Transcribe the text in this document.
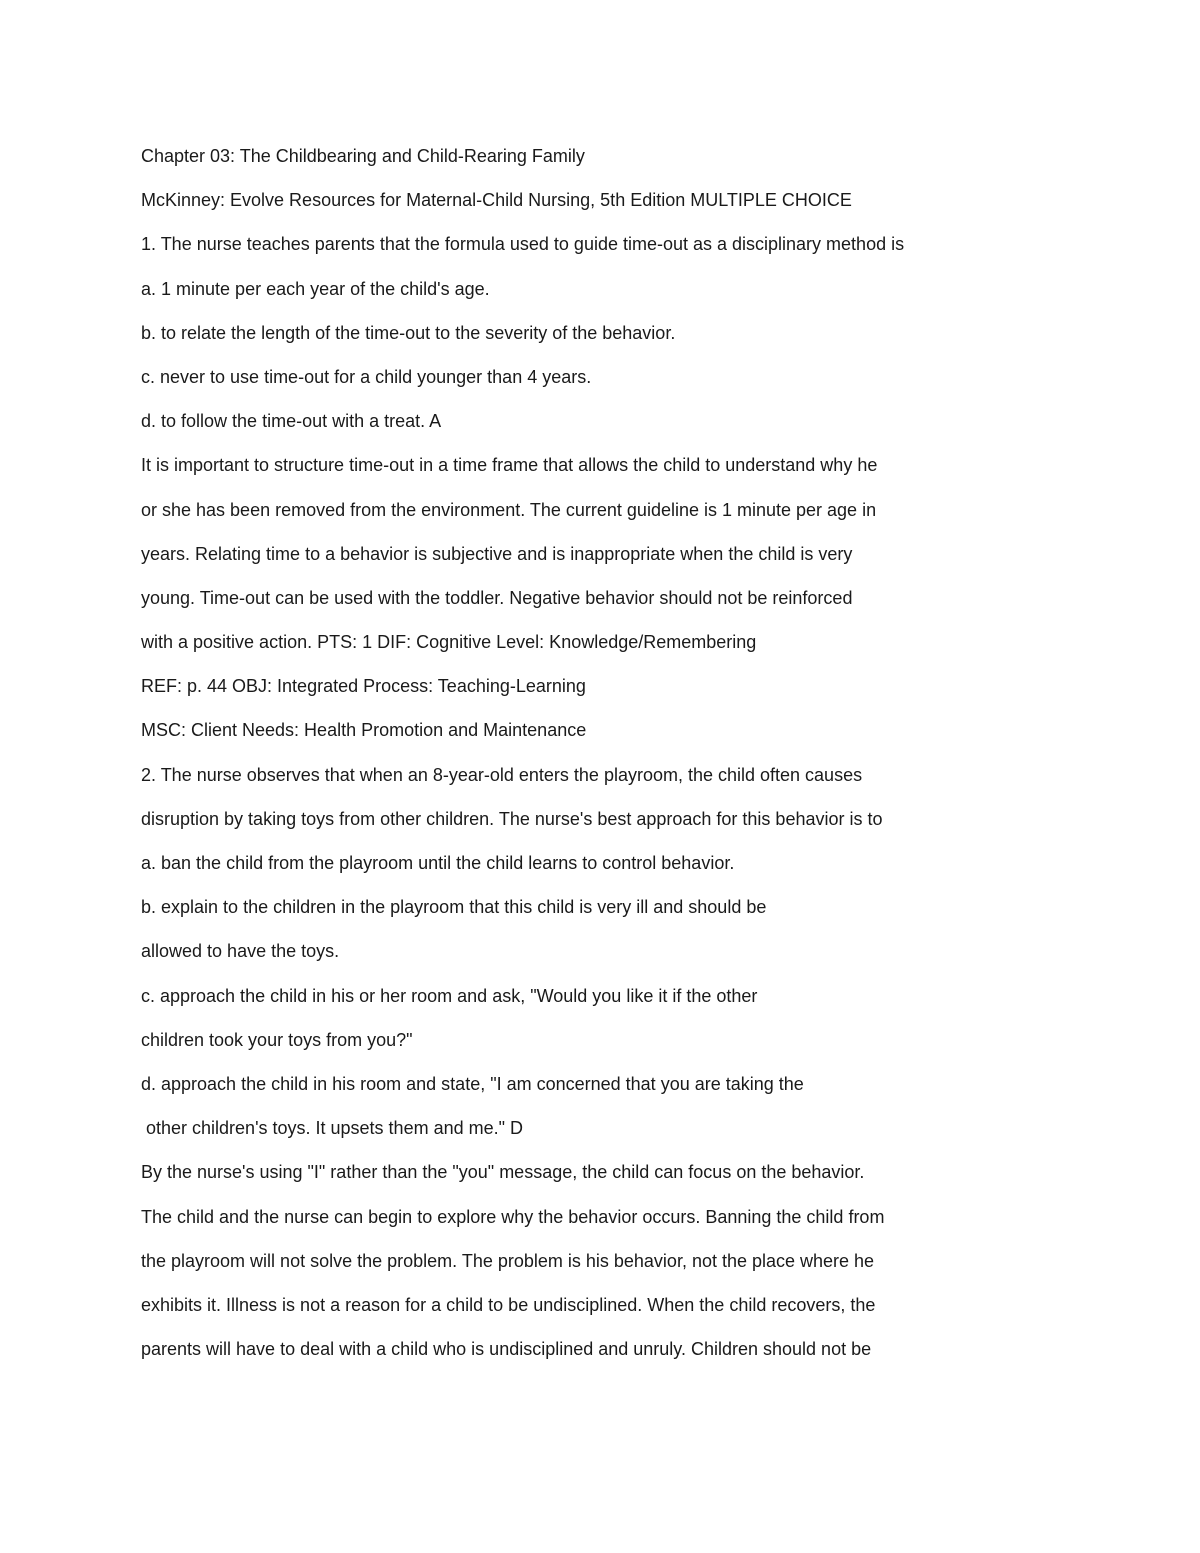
Chapter 03: The Childbearing and Child-Rearing Family

McKinney: Evolve Resources for Maternal-Child Nursing, 5th Edition MULTIPLE CHOICE

1. The nurse teaches parents that the formula used to guide time-out as a disciplinary method is

a. 1 minute per each year of the child's age.

b. to relate the length of the time-out to the severity of the behavior.

c. never to use time-out for a child younger than 4 years.

d. to follow the time-out with a treat. A

It is important to structure time-out in a time frame that allows the child to understand why he

or she has been removed from the environment. The current guideline is 1 minute per age in

years. Relating time to a behavior is subjective and is inappropriate when the child is very

young. Time-out can be used with the toddler. Negative behavior should not be reinforced

with a positive action. PTS: 1 DIF: Cognitive Level: Knowledge/Remembering

REF: p. 44 OBJ: Integrated Process: Teaching-Learning

MSC: Client Needs: Health Promotion and Maintenance

2. The nurse observes that when an 8-year-old enters the playroom, the child often causes

disruption by taking toys from other children. The nurse's best approach for this behavior is to

a. ban the child from the playroom until the child learns to control behavior.

b. explain to the children in the playroom that this child is very ill and should be

allowed to have the toys.

c. approach the child in his or her room and ask, "Would you like it if the other

children took your toys from you?"

d. approach the child in his room and state, "I am concerned that you are taking the

other children's toys. It upsets them and me." D

By the nurse's using "I" rather than the "you" message, the child can focus on the behavior.

The child and the nurse can begin to explore why the behavior occurs. Banning the child from

the playroom will not solve the problem. The problem is his behavior, not the place where he

exhibits it. Illness is not a reason for a child to be undisciplined. When the child recovers, the

parents will have to deal with a child who is undisciplined and unruly. Children should not be
